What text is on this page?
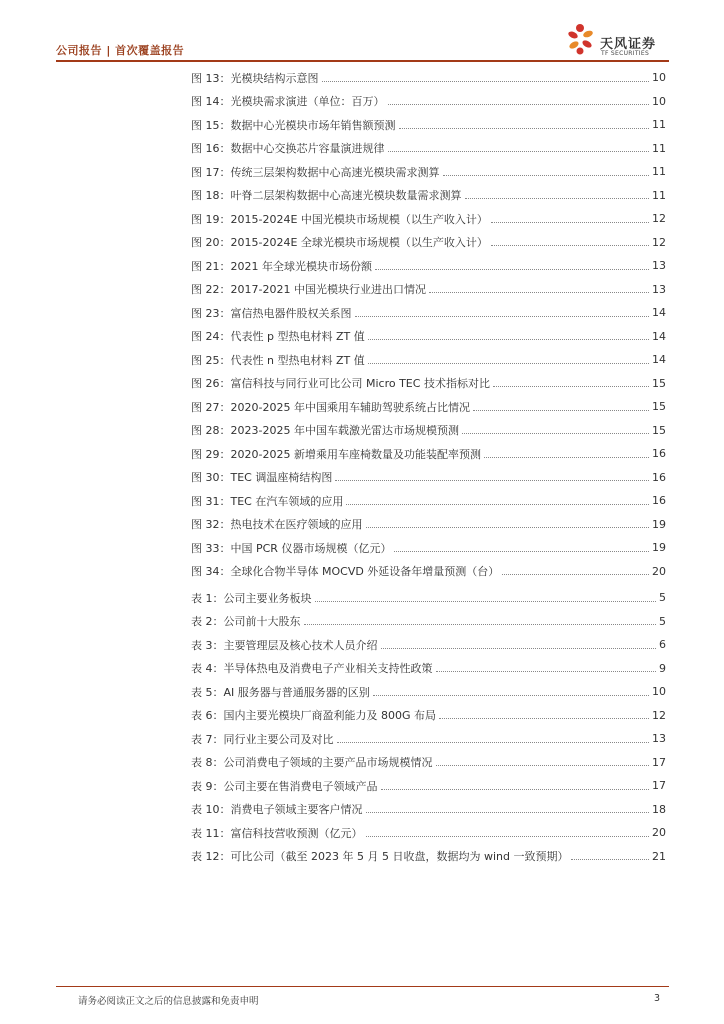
公司报告 | 首次覆盖报告	天风证券
TF SECURITIES
图 13：光模块结构示意图	10
图 14：光模块需求演进（单位：百万）	10
图 15：数据中心光模块市场年销售额预测	11
图 16：数据中心交换芯片容量演进规律	11
图 17：传统三层架构数据中心高速光模块需求测算	11
图 18：叶脊二层架构数据中心高速光模块数量需求测算	11
图 19：2015-2024E 中国光模块市场规模（以生产收入计）	12
图 20：2015-2024E 全球光模块市场规模（以生产收入计）	12
图 21：2021 年全球光模块市场份额	13
图 22：2017-2021 中国光模块行业进出口情况	13
图 23：富信热电器件股权关系图	14
图 24：代表性 p 型热电材料 ZT 值	14
图 25：代表性 n 型热电材料 ZT 值	14
图 26：富信科技与同行业可比公司 Micro TEC 技术指标对比	15
图 27：2020-2025 年中国乘用车辅助驾驶系统占比情况	15
图 28：2023-2025 年中国车载激光雷达市场规模预测	15
图 29：2020-2025 新增乘用车座椅数量及功能装配率预测	16
图 30：TEC 调温座椅结构图	16
图 31：TEC 在汽车领域的应用	16
图 32：热电技术在医疗领域的应用	19
图 33：中国 PCR 仪器市场规模（亿元）	19
图 34：全球化合物半导体 MOCVD 外延设备年增量预测（台）	20
表 1：公司主要业务板块	5
表 2：公司前十大股东	5
表 3：主要管理层及核心技术人员介绍	6
表 4：半导体热电及消费电子产业相关支持性政策	9
表 5：AI 服务器与普通服务器的区别	10
表 6：国内主要光模块厂商盈利能力及 800G 布局	12
表 7：同行业主要公司及对比	13
表 8：公司消费电子领域的主要产品市场规模情况	17
表 9：公司主要在售消费电子领域产品	17
表 10：消费电子领域主要客户情况	18
表 11：富信科技营收预测（亿元）	20
表 12：可比公司（截至 2023 年 5 月 5 日收盘，数据均为 wind 一致预期）	21
请务必阅读正文之后的信息披露和免责申明	3
